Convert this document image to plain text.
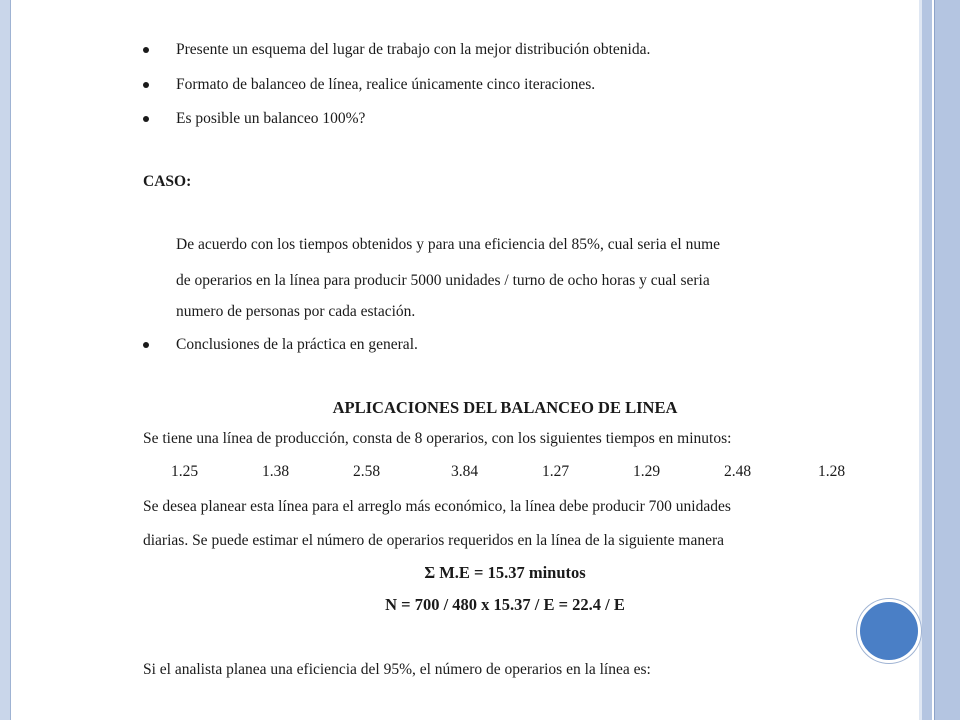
Presente un esquema del lugar de trabajo con la mejor distribución obtenida.
Formato de balanceo de línea, realice únicamente cinco iteraciones.
Es posible un balanceo 100%?
CASO:
De acuerdo con los tiempos obtenidos y para una eficiencia del 85%, cual seria el nume
de operarios en la línea para producir 5000 unidades / turno de ocho horas y cual seria
numero de personas por cada estación.
Conclusiones de la práctica en general.
APLICACIONES DEL BALANCEO DE LINEA
Se tiene una línea de producción, consta de 8 operarios, con los siguientes tiempos en minutos:
1.25	1.38	2.58	3.84	1.27	1.29	2.48	1.28
Se desea planear esta línea para el arreglo más económico, la línea debe producir 700 unidades
diarias. Se puede estimar el número de operarios requeridos en la línea de la siguiente manera
Σ M.E = 15.37 minutos
N = 700 / 480 x 15.37 / E = 22.4 / E
Si el analista planea una eficiencia del 95%, el número de operarios en la línea es:
